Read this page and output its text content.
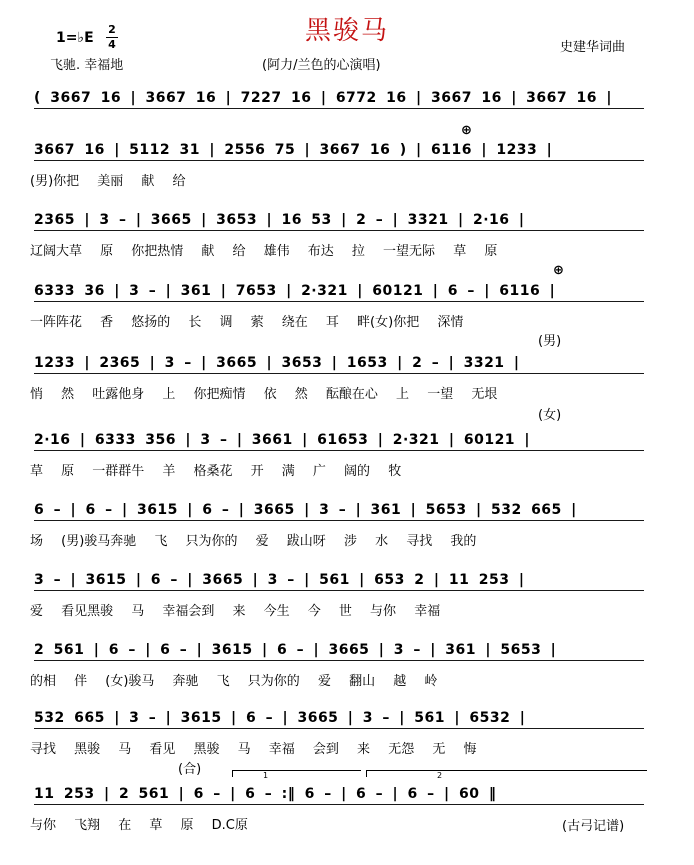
黑骏马
1=♭E
2
4
飞驰. 幸福地	(阿力/兰色的心演唱)
史建华词曲
( 3667 16 | 3667 16 | 7227 16 | 6772 16 | 3667 16 | 3667 16 |
3667 16 | 5112 31 | 2556 75 | 3667 16 ) | 6116 | 1233 |
(男)你把 美丽 献 给
2365 | 3 – | 3665 | 3653 | 16 53 | 2 – | 3321 | 2·16 |
辽阔大草 原 你把热情 献 给 雄伟 布达 拉 一望无际 草 原
6333 36 | 3 – | 361 | 7653 | 2·321 | 60121 | 6 – | 6116 |
一阵阵花 香 悠扬的 长 调 萦 绕在 耳 畔(女)你把 深情
1233 | 2365 | 3 – | 3665 | 3653 | 1653 | 2 – | 3321 |
悄 然 吐露他身 上 你把痴情 依 然 酝酿在心 上 一望 无垠
2·16 | 6333 356 | 3 – | 3661 | 61653 | 2·321 | 60121 |
草 原 一群群牛 羊 格桑花 开 满 广 阔的 牧
6 – | 6 – | 3615 | 6 – | 3665 | 3 – | 361 | 5653 | 532 665 |
场 (男)骏马奔驰 飞 只为你的 爱 跋山呀 涉 水 寻找 我的
3 – | 3615 | 6 – | 3665 | 3 – | 561 | 653 2 | 11 253 |
爱 看见黑骏 马 幸福会到 来 今生 今 世 与你 幸福
2 561 | 6 – | 6 – | 3615 | 6 – | 3665 | 3 – | 361 | 5653 |
的相 伴 (女)骏马 奔驰 飞 只为你的 爱 翻山 越 岭
532 665 | 3 – | 3615 | 6 – | 3665 | 3 – | 561 | 6532 |
寻找 黑骏 马 看见 黑骏 马 幸福 会到 来 无怨 无 悔
11 253 | 2 561 | 6 – | 6 – :‖ 6 – | 6 – | 6 – | 60 ‖
与你 飞翔 在 草 原 D.C原
(男)
(女)
(合)
⊕
⊕
1	2
(古弓记谱)
